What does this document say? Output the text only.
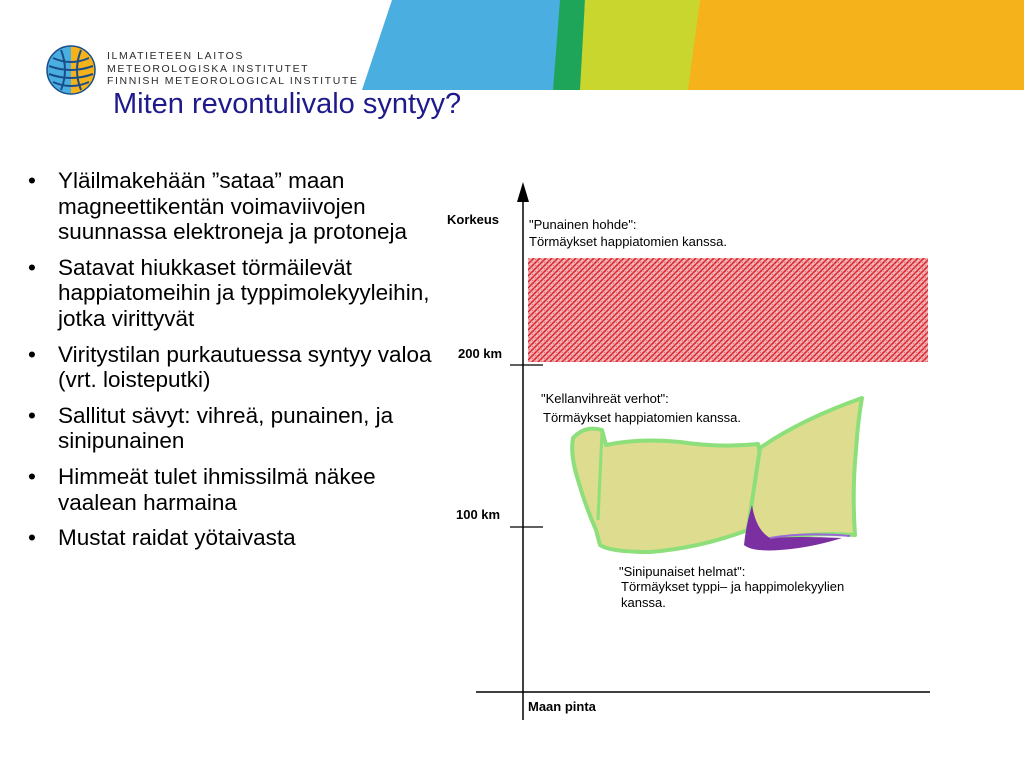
ILMATIETEEN LAITOS
METEOROLOGISKA INSTITUTET
FINNISH METEOROLOGICAL INSTITUTE
Miten revontulivalo syntyy?
• Yläilmakehään ”sataa” maan magneettikentän voimaviivojen suunnassa elektroneja ja protoneja
• Satavat hiukkaset törmäilevät happiatomeihin ja typpimolekyyleihin, jotka virittyvät
• Viritystilan purkautuessa syntyy valoa (vrt. loisteputki)
• Sallitut sävyt: vihreä, punainen, ja sinipunainen
• Himmeät tulet ihmissilmä näkee vaalean harmaina
• Mustat raidat yötaivasta
Korkeus
200 km
100 km
Maan pinta
"Punainen hohde":
Törmäykset happiatomien kanssa.
"Kellanvihreät verhot":
Törmäykset happiatomien kanssa.
"Sinipunaiset helmat":
Törmäykset typpi– ja happimolekyylien
kanssa.
